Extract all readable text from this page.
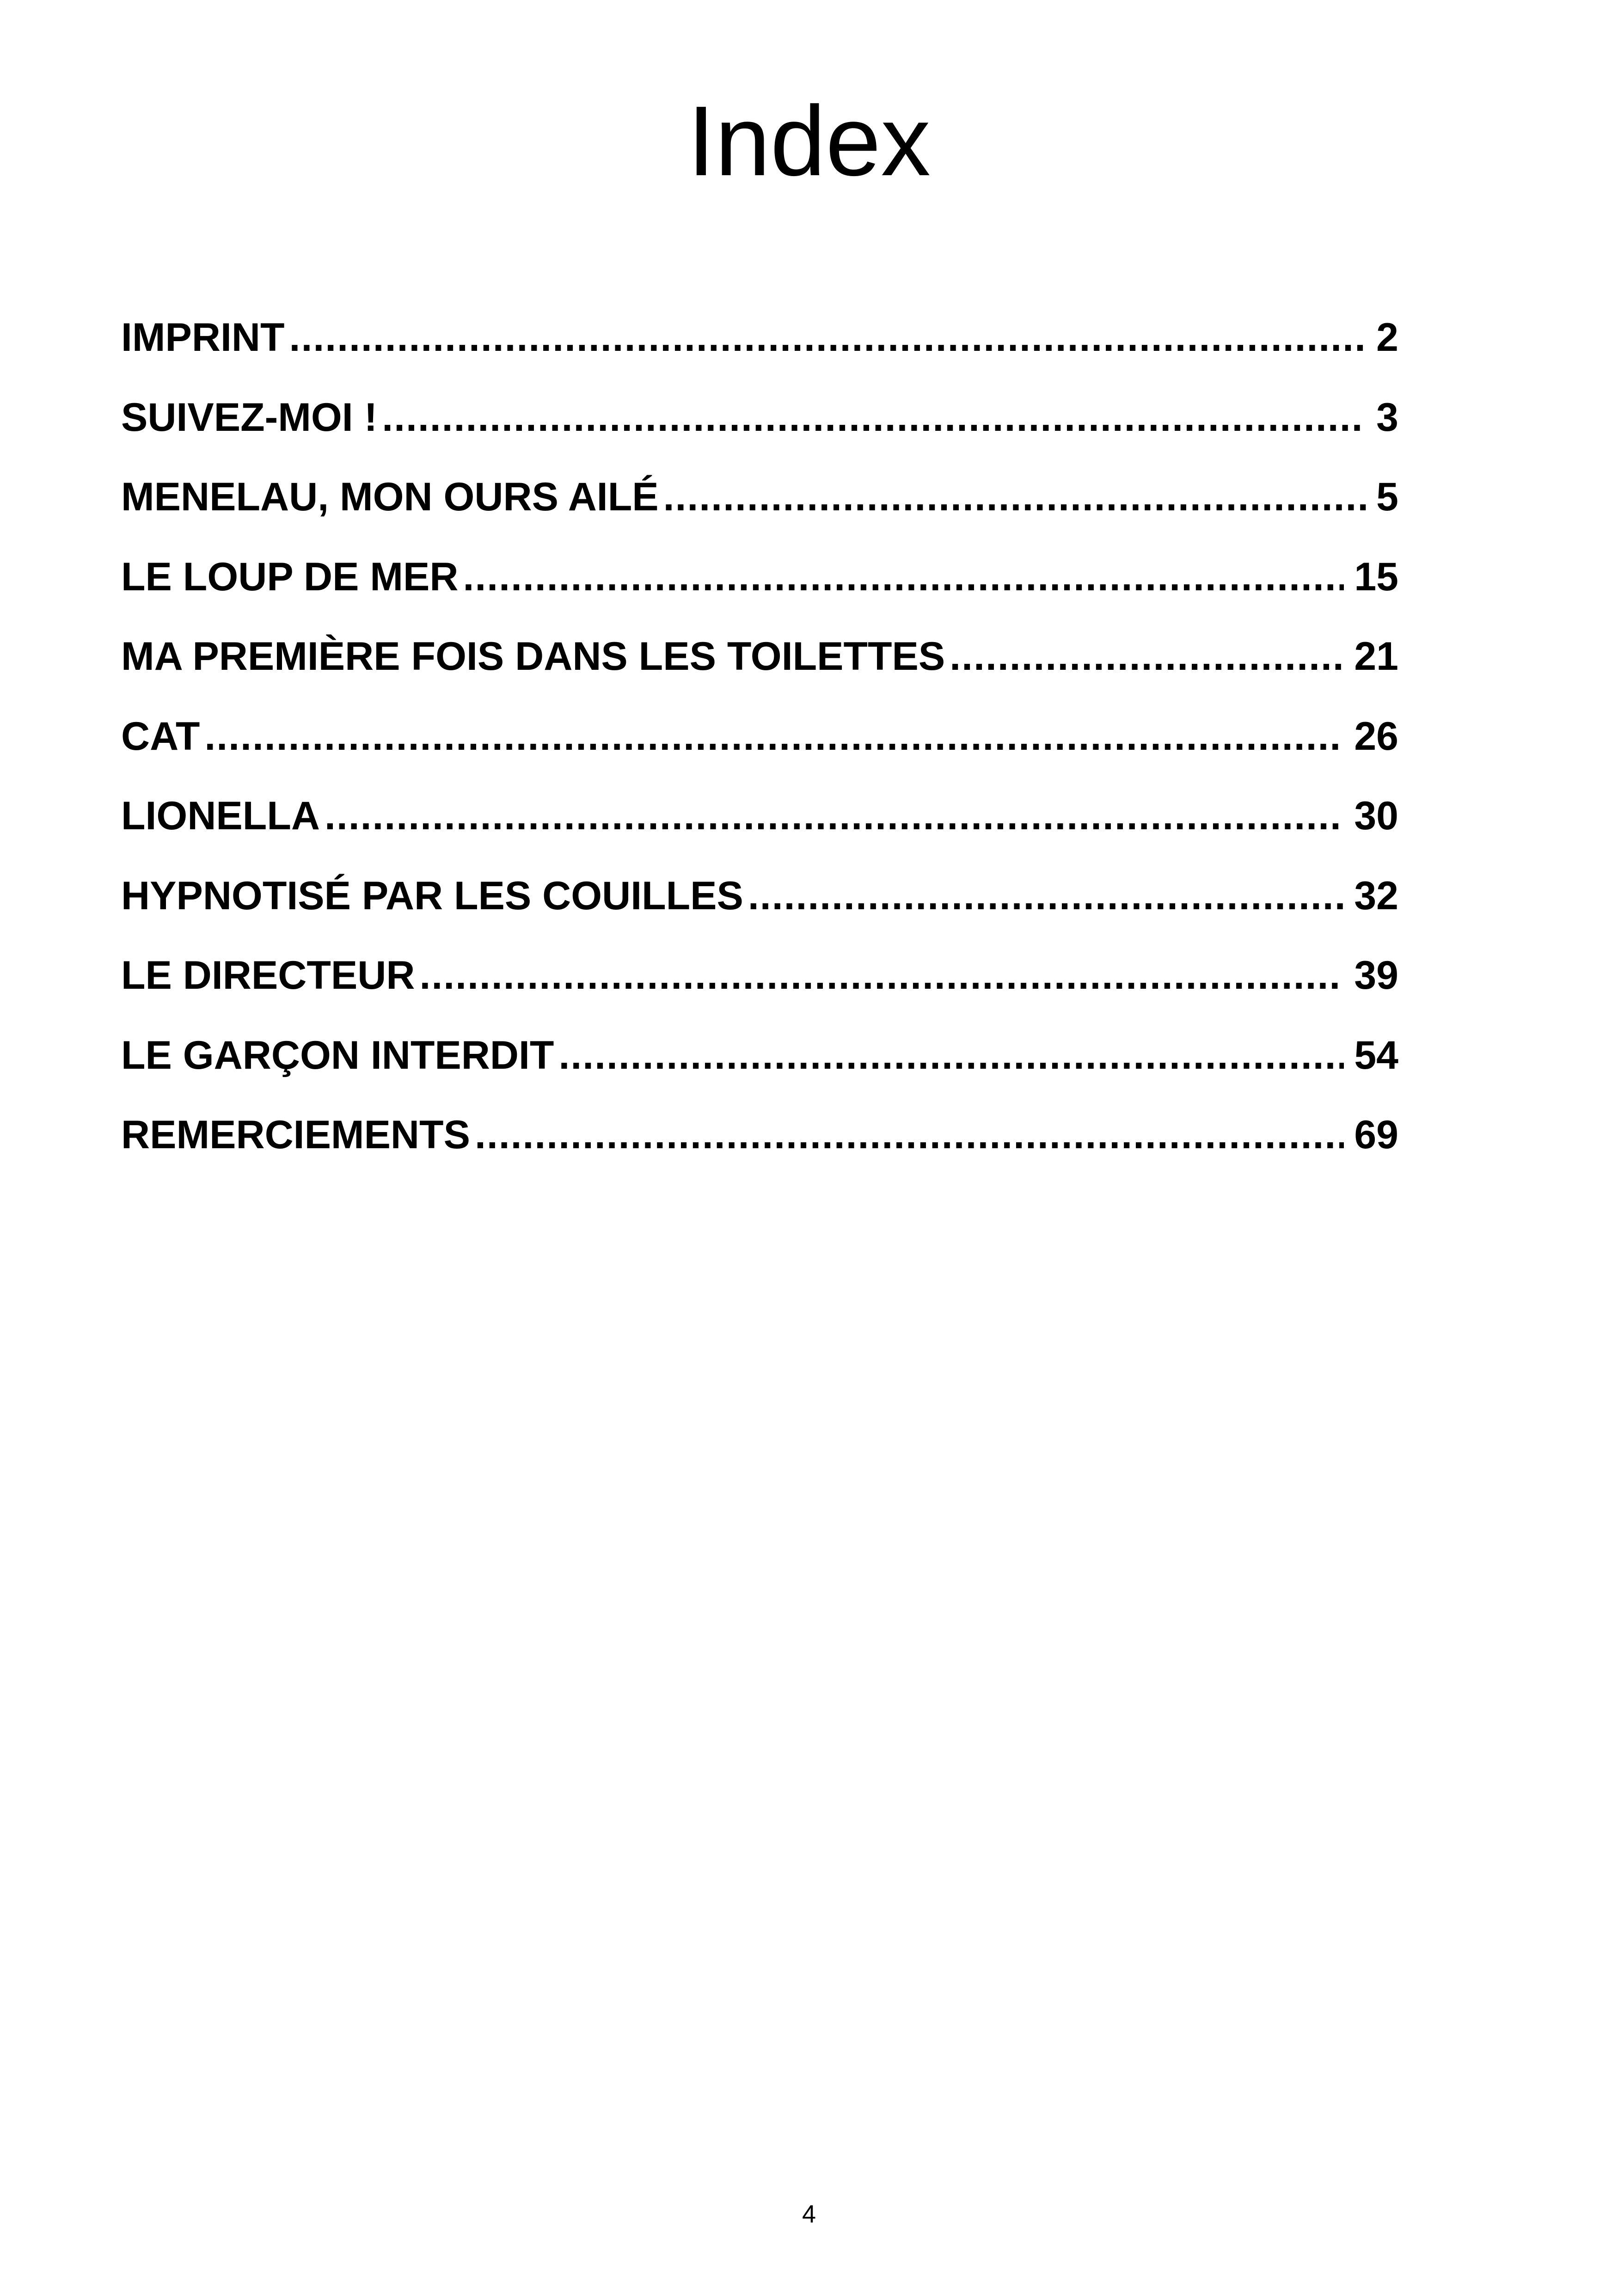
Index
IMPRINT .....	2
SUIVEZ-MOI ! .....	3
MENELAU, MON OURS AILÉ .....	5
LE LOUP DE MER .....	15
MA PREMIÈRE FOIS DANS LES TOILETTES .....	21
CAT .....	26
LIONELLA .....	30
HYPNOTISÉ PAR LES COUILLES .....	32
LE DIRECTEUR .....	39
LE GARÇON INTERDIT .....	54
REMERCIEMENTS .....	69
4
